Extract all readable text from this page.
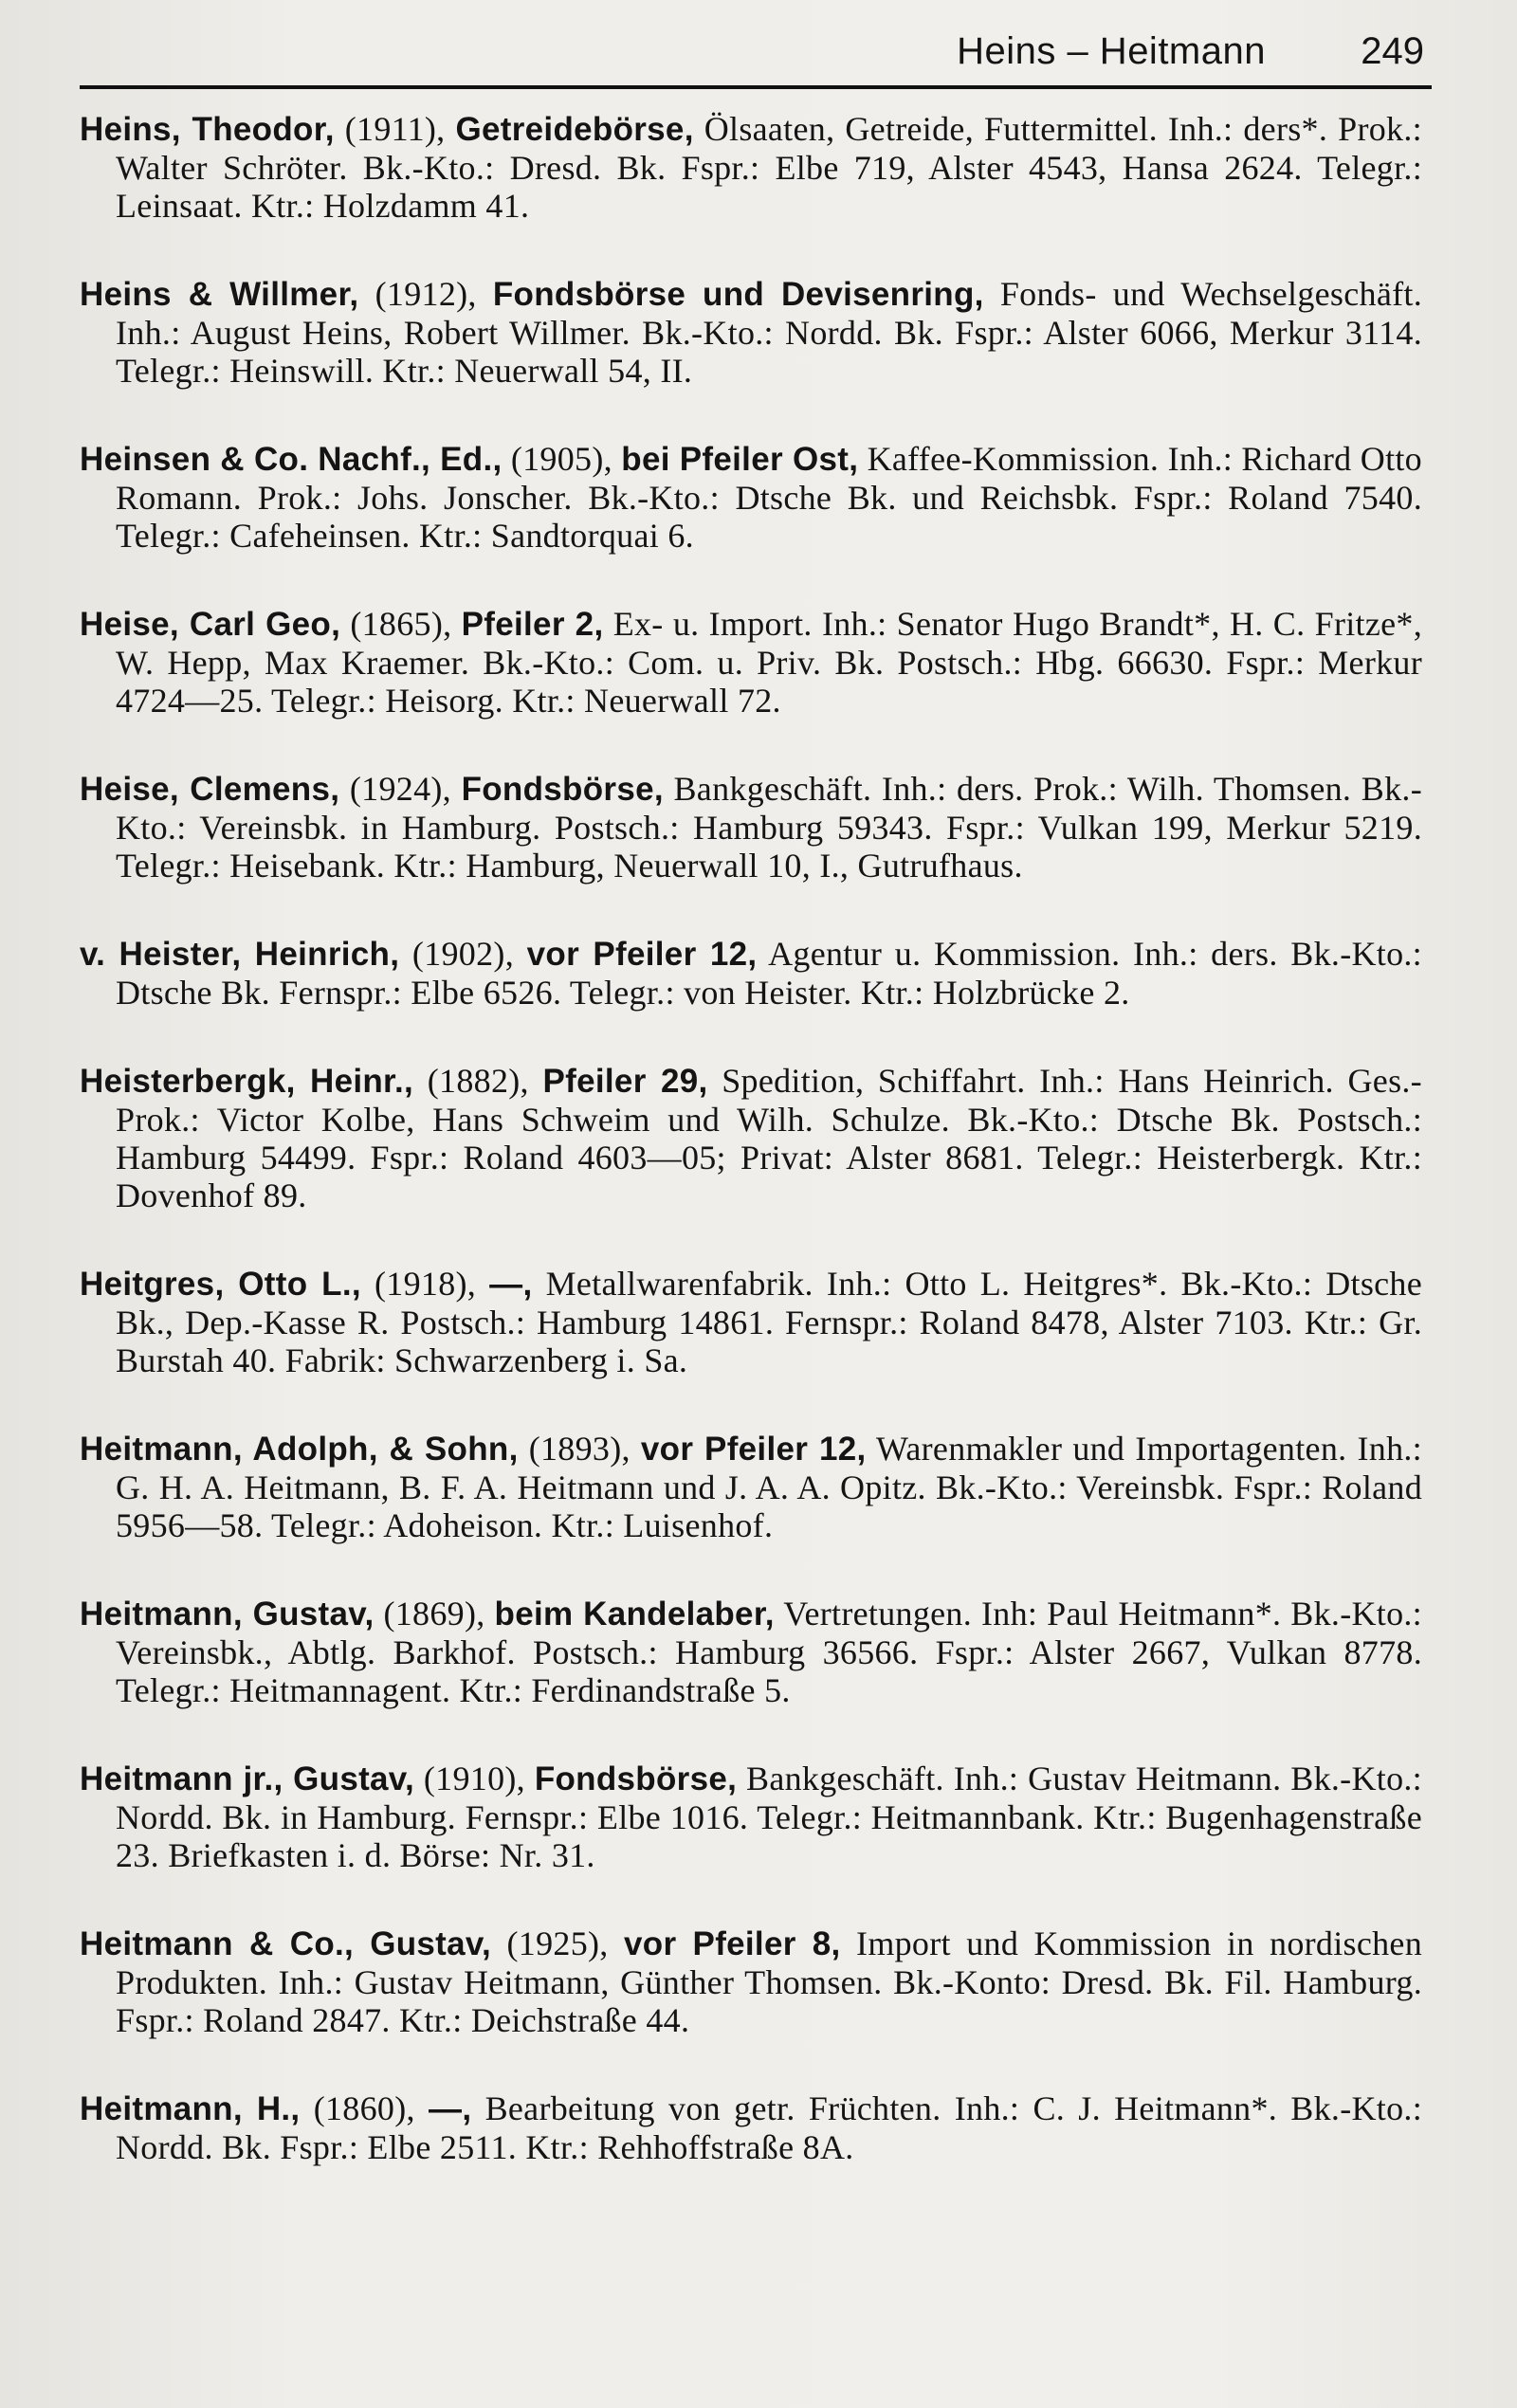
Heins – Heitmann	249

Heins, Theodor, (1911), Getreidebörse, Ölsaaten, Getreide, Futtermittel. Inh.: ders*. Prok.: Walter Schröter. Bk.-Kto.: Dresd. Bk. Fspr.: Elbe 719, Alster 4543, Hansa 2624. Telegr.: Leinsaat. Ktr.: Holzdamm 41.

Heins & Willmer, (1912), Fondsbörse und Devisenring, Fonds- und Wechselgeschäft. Inh.: August Heins, Robert Willmer. Bk.-Kto.: Nordd. Bk. Fspr.: Alster 6066, Merkur 3114. Telegr.: Heinswill. Ktr.: Neuerwall 54, II.

Heinsen & Co. Nachf., Ed., (1905), bei Pfeiler Ost, Kaffee-Kommission. Inh.: Richard Otto Romann. Prok.: Johs. Jonscher. Bk.-Kto.: Dtsche Bk. und Reichsbk. Fspr.: Roland 7540. Telegr.: Cafeheinsen. Ktr.: Sandtorquai 6.

Heise, Carl Geo, (1865), Pfeiler 2, Ex- u. Import. Inh.: Senator Hugo Brandt*, H. C. Fritze*, W. Hepp, Max Kraemer. Bk.-Kto.: Com. u. Priv. Bk. Postsch.: Hbg. 66630. Fspr.: Merkur 4724—25. Telegr.: Heisorg. Ktr.: Neuerwall 72.

Heise, Clemens, (1924), Fondsbörse, Bankgeschäft. Inh.: ders. Prok.: Wilh. Thomsen. Bk.-Kto.: Vereinsbk. in Hamburg. Postsch.: Hamburg 59343. Fspr.: Vulkan 199, Merkur 5219. Telegr.: Heisebank. Ktr.: Hamburg, Neuerwall 10, I., Gutrufhaus.

v. Heister, Heinrich, (1902), vor Pfeiler 12, Agentur u. Kommission. Inh.: ders. Bk.-Kto.: Dtsche Bk. Fernspr.: Elbe 6526. Telegr.: von Heister. Ktr.: Holzbrücke 2.

Heisterbergk, Heinr., (1882), Pfeiler 29, Spedition, Schiffahrt. Inh.: Hans Heinrich. Ges.-Prok.: Victor Kolbe, Hans Schweim und Wilh. Schulze. Bk.-Kto.: Dtsche Bk. Postsch.: Hamburg 54499. Fspr.: Roland 4603—05; Privat: Alster 8681. Telegr.: Heisterbergk. Ktr.: Dovenhof 89.

Heitgres, Otto L., (1918), —, Metallwarenfabrik. Inh.: Otto L. Heitgres*. Bk.-Kto.: Dtsche Bk., Dep.-Kasse R. Postsch.: Hamburg 14861. Fernspr.: Roland 8478, Alster 7103. Ktr.: Gr. Burstah 40. Fabrik: Schwarzenberg i. Sa.

Heitmann, Adolph, & Sohn, (1893), vor Pfeiler 12, Warenmakler und Importagenten. Inh.: G. H. A. Heitmann, B. F. A. Heitmann und J. A. A. Opitz. Bk.-Kto.: Vereinsbk. Fspr.: Roland 5956—58. Telegr.: Adoheison. Ktr.: Luisenhof.

Heitmann, Gustav, (1869), beim Kandelaber, Vertretungen. Inh: Paul Heitmann*. Bk.-Kto.: Vereinsbk., Abtlg. Barkhof. Postsch.: Hamburg 36566. Fspr.: Alster 2667, Vulkan 8778. Telegr.: Heitmannagent. Ktr.: Ferdinandstraße 5.

Heitmann jr., Gustav, (1910), Fondsbörse, Bankgeschäft. Inh.: Gustav Heitmann. Bk.-Kto.: Nordd. Bk. in Hamburg. Fernspr.: Elbe 1016. Telegr.: Heitmannbank. Ktr.: Bugenhagenstraße 23. Briefkasten i. d. Börse: Nr. 31.

Heitmann & Co., Gustav, (1925), vor Pfeiler 8, Import und Kommission in nordischen Produkten. Inh.: Gustav Heitmann, Günther Thomsen. Bk.-Konto: Dresd. Bk. Fil. Hamburg. Fspr.: Roland 2847. Ktr.: Deichstraße 44.

Heitmann, H., (1860), —, Bearbeitung von getr. Früchten. Inh.: C. J. Heitmann*. Bk.-Kto.: Nordd. Bk. Fspr.: Elbe 2511. Ktr.: Rehhoffstraße 8A.
